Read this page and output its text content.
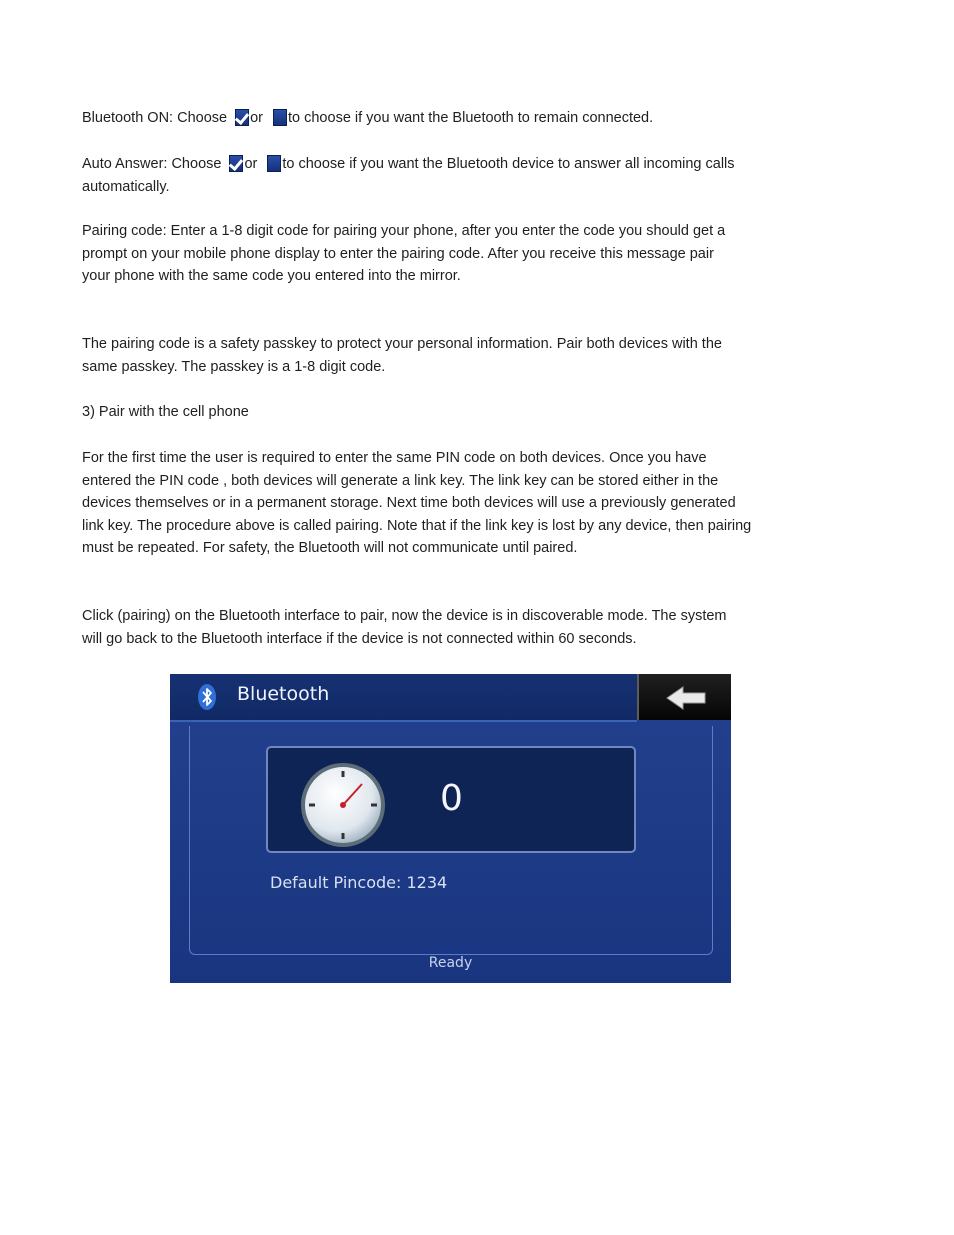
Bluetooth ON: Choose or to choose if you want the Bluetooth to remain connected.

Auto Answer: Choose or to choose if you want the Bluetooth device to answer all incoming calls
automatically.

Pairing code: Enter a 1-8 digit code for pairing your phone, after you enter the code you should get a
prompt on your mobile phone display to enter the pairing code. After you receive this message pair
your phone with the same code you entered into the mirror.

The pairing code is a safety passkey to protect your personal information. Pair both devices with the
same passkey. The passkey is a 1-8 digit code.

3) Pair with the cell phone

For the first time the user is required to enter the same PIN code on both devices. Once you have
entered the PIN code , both devices will generate a link key. The link key can be stored either in the
devices themselves or in a permanent storage. Next time both devices will use a previously generated
link key. The procedure above is called pairing. Note that if the link key is lost by any device, then pairing
must be repeated. For safety, the Bluetooth will not communicate until paired.

Click (pairing) on the Bluetooth interface to pair, now the device is in discoverable mode. The system
will go back to the Bluetooth interface if the device is not connected within 60 seconds.

Bluetooth
0
Default Pincode: 1234
Ready
